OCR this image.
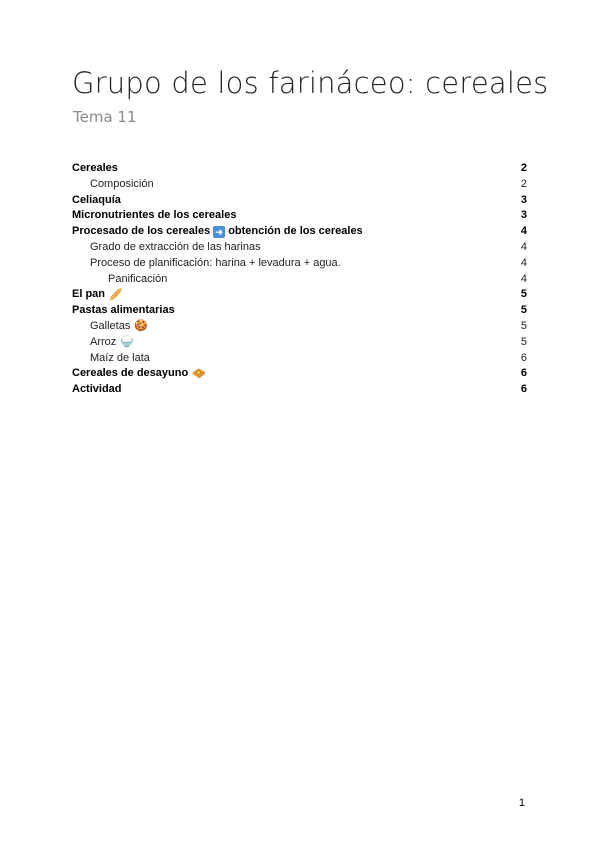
Grupo de los farináceo: cereales
Tema 11
Cereales	2
Composición	2
Celiaquía	3
Micronutrientes de los cereales	3
Procesado de los cereales ➜ obtención de los cereales	4
Grado de extracción de las harinas	4
Proceso de planificación: harina + levadura + agua.	4
Panificación	4
El pan 🥖	5
Pastas alimentarias	5
Galletas 🍪	5
Arroz 🍚	5
Maíz de lata	6
Cereales de desayuno 🧇	6
Actividad	6
1
